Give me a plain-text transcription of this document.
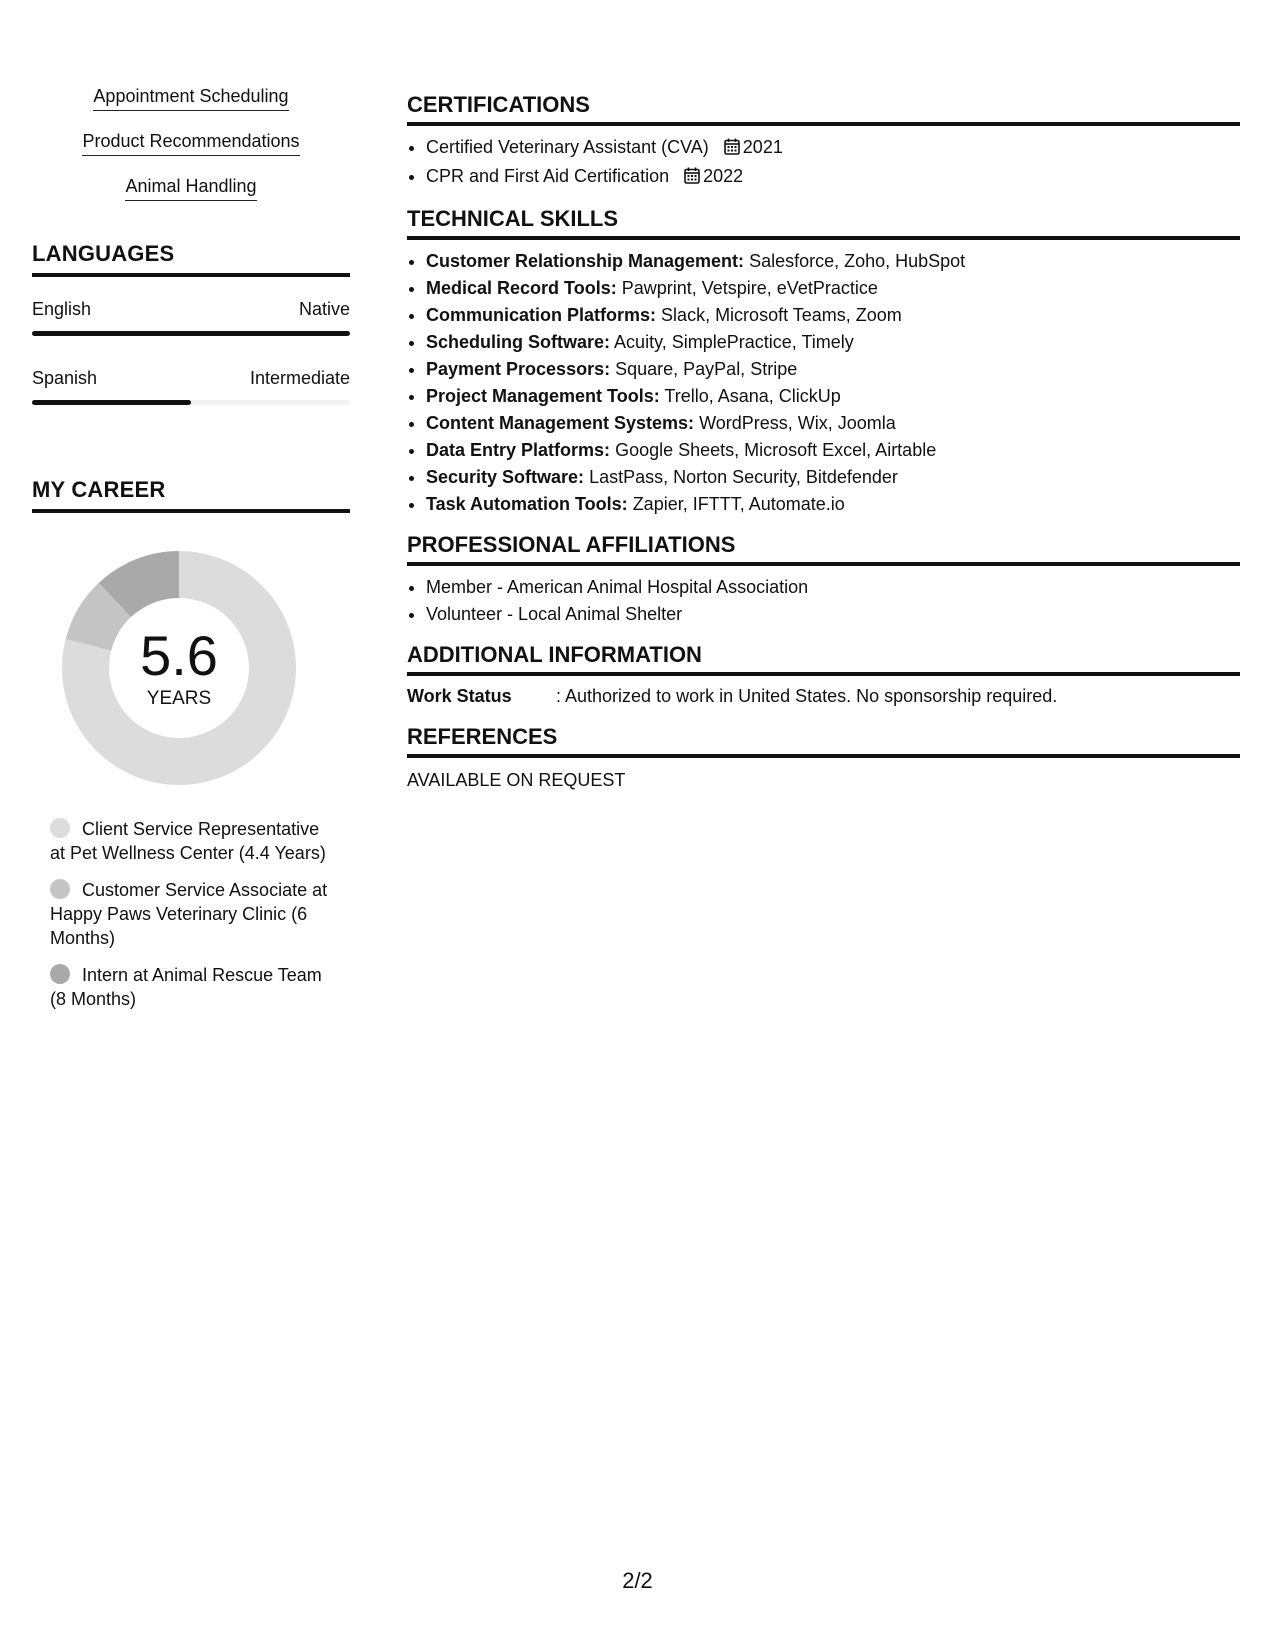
Appointment Scheduling
Product Recommendations
Animal Handling
LANGUAGES
English	Native
Spanish	Intermediate
MY CAREER
5.6
YEARS
Client Service Representative at Pet Wellness Center (4.4 Years)
Customer Service Associate at Happy Paws Veterinary Clinic (6 Months)
Intern at Animal Rescue Team (8 Months)
CERTIFICATIONS
• Certified Veterinary Assistant (CVA) 2021
• CPR and First Aid Certification 2022
TECHNICAL SKILLS
• Customer Relationship Management: Salesforce, Zoho, HubSpot
• Medical Record Tools: Pawprint, Vetspire, eVetPractice
• Communication Platforms: Slack, Microsoft Teams, Zoom
• Scheduling Software: Acuity, SimplePractice, Timely
• Payment Processors: Square, PayPal, Stripe
• Project Management Tools: Trello, Asana, ClickUp
• Content Management Systems: WordPress, Wix, Joomla
• Data Entry Platforms: Google Sheets, Microsoft Excel, Airtable
• Security Software: LastPass, Norton Security, Bitdefender
• Task Automation Tools: Zapier, IFTTT, Automate.io
PROFESSIONAL AFFILIATIONS
• Member - American Animal Hospital Association
• Volunteer - Local Animal Shelter
ADDITIONAL INFORMATION
Work Status	: Authorized to work in United States. No sponsorship required.
REFERENCES
AVAILABLE ON REQUEST
2/2
